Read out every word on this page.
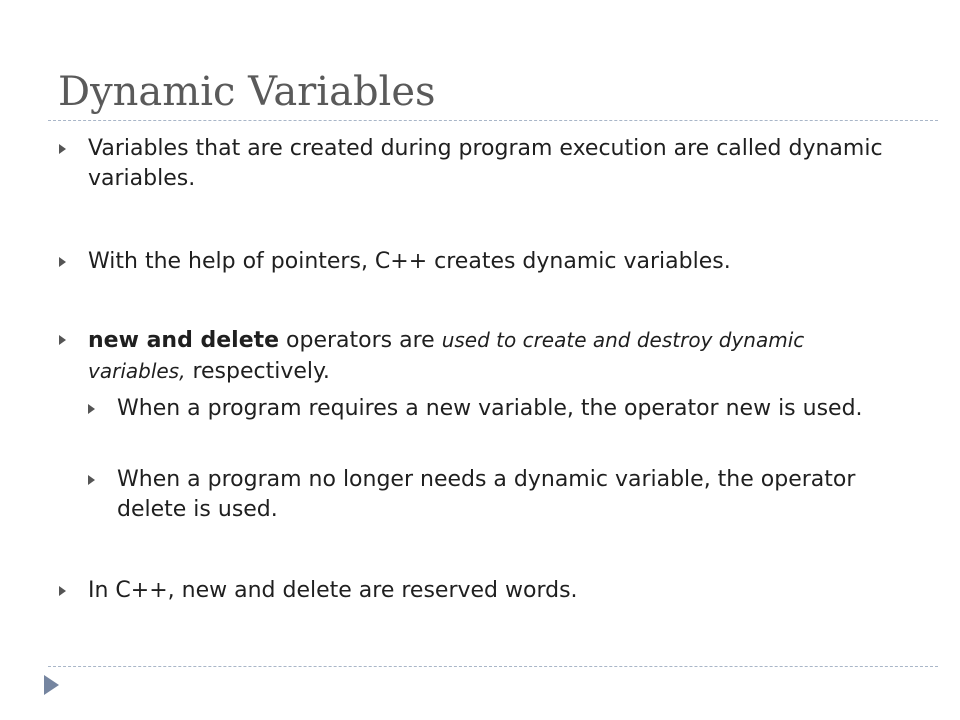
Dynamic Variables
Variables that are created during program execution are called dynamic variables.
With the help of pointers, C++ creates dynamic variables.
new and delete operators are used to create and destroy dynamic variables, respectively.
When a program requires a new variable, the operator new is used.
When a program no longer needs a dynamic variable, the operator delete is used.
In C++, new and delete are reserved words.
